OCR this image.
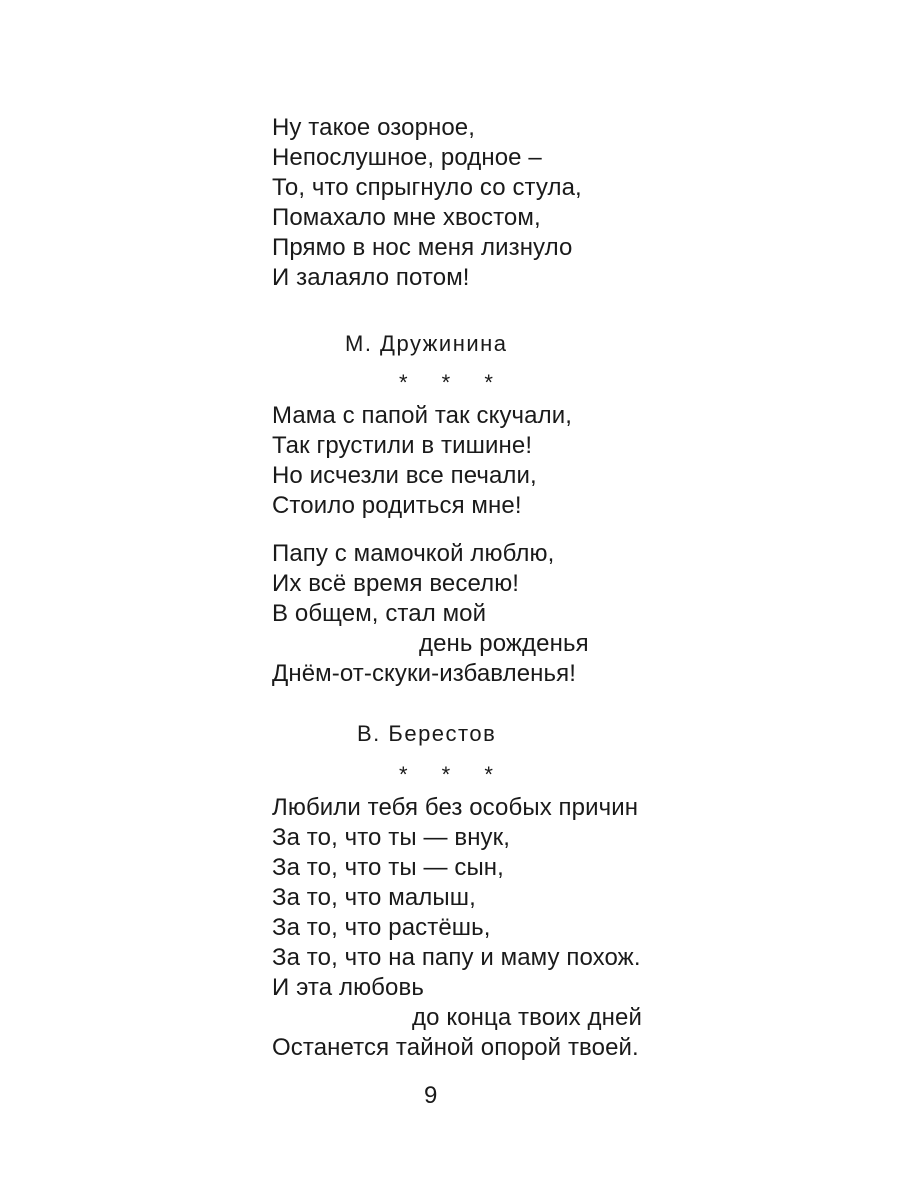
Ну такое озорное,
Непослушное, родное –
То, что спрыгнуло со стула,
Помахало мне хвостом,
Прямо в нос меня лизнуло
И залаяло потом!
М. Дружинина
* * *
Мама с папой так скучали,
Так грустили в тишине!
Но исчезли все печали,
Стоило родиться мне!
Папу с мамочкой люблю,
Их всё время веселю!
В общем, стал мой
день рожденья
Днём-от-скуки-избавленья!
В. Берестов
* * *
Любили тебя без особых причин
За то, что ты — внук,
За то, что ты — сын,
За то, что малыш,
За то, что растёшь,
За то, что на папу и маму похож.
И эта любовь
до конца твоих дней
Останется тайной опорой твоей.
9
